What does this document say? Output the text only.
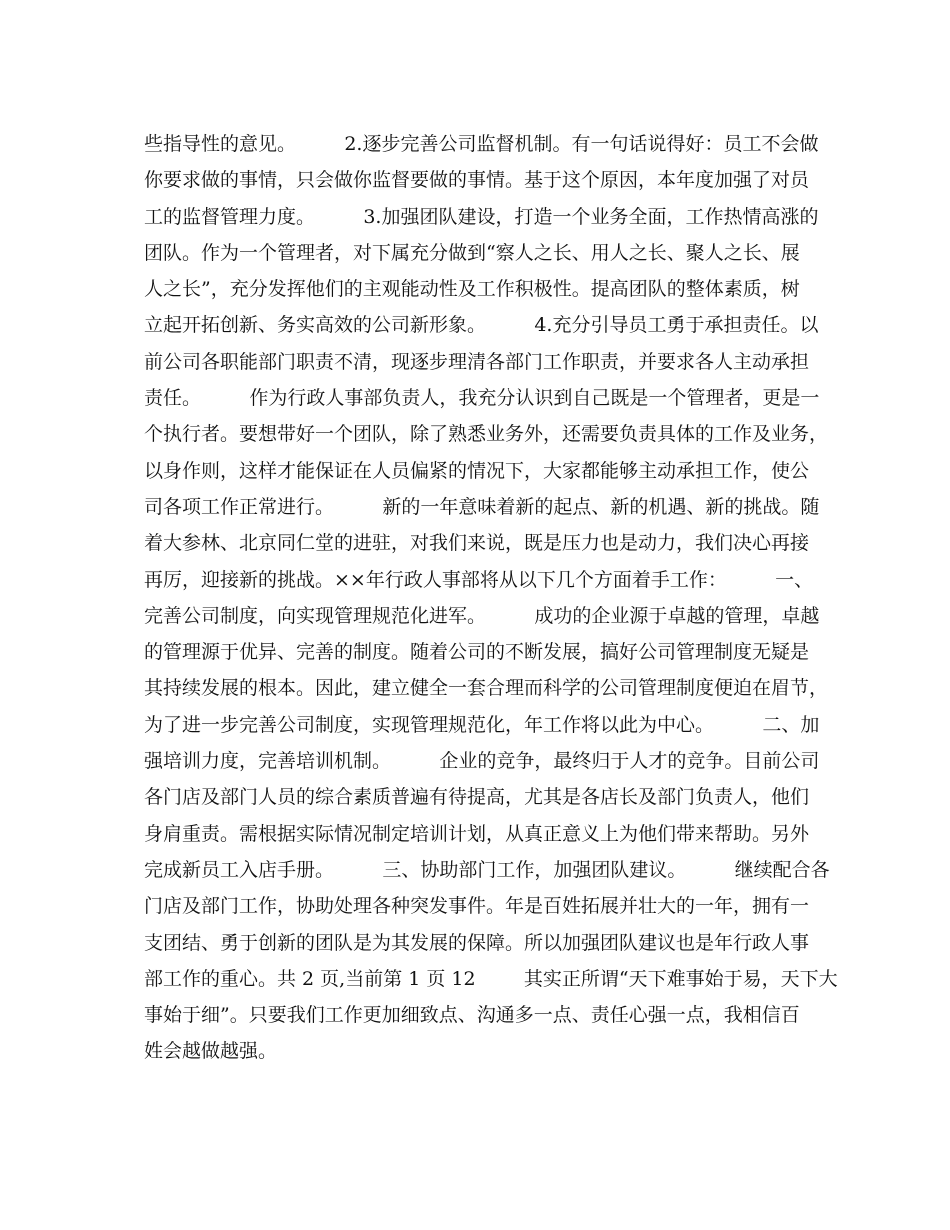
些指导性的意见。        2.逐步完善公司监督机制。有一句话说得好：员工不会做
你要求做的事情，只会做你监督要做的事情。基于这个原因，本年度加强了对员
工的监督管理力度。        3.加强团队建设，打造一个业务全面，工作热情高涨的
团队。作为一个管理者，对下属充分做到“察人之长、用人之长、聚人之长、展
人之长”，充分发挥他们的主观能动性及工作积极性。提高团队的整体素质，树
立起开拓创新、务实高效的公司新形象。        4.充分引导员工勇于承担责任。以
前公司各职能部门职责不清，现逐步理清各部门工作职责，并要求各人主动承担
责任。        作为行政人事部负责人，我充分认识到自己既是一个管理者，更是一
个执行者。要想带好一个团队，除了熟悉业务外，还需要负责具体的工作及业务，
以身作则，这样才能保证在人员偏紧的情况下，大家都能够主动承担工作，使公
司各项工作正常进行。        新的一年意味着新的起点、新的机遇、新的挑战。随
着大参林、北京同仁堂的进驻，对我们来说，既是压力也是动力，我们决心再接
再厉，迎接新的挑战。××年行政人事部将从以下几个方面着手工作：        一、
完善公司制度，向实现管理规范化进军。        成功的企业源于卓越的管理，卓越
的管理源于优异、完善的制度。随着公司的不断发展，搞好公司管理制度无疑是
其持续发展的根本。因此，建立健全一套合理而科学的公司管理制度便迫在眉节，
为了进一步完善公司制度，实现管理规范化，年工作将以此为中心。        二、加
强培训力度，完善培训机制。        企业的竞争，最终归于人才的竞争。目前公司
各门店及部门人员的综合素质普遍有待提高，尤其是各店长及部门负责人，他们
身肩重责。需根据实际情况制定培训计划，从真正意义上为他们带来帮助。另外
完成新员工入店手册。        三、协助部门工作，加强团队建议。        继续配合各
门店及部门工作，协助处理各种突发事件。年是百姓拓展并壮大的一年，拥有一
支团结、勇于创新的团队是为其发展的保障。所以加强团队建议也是年行政人事
部工作的重心。共 2 页,当前第 1 页 12        其实正所谓“天下难事始于易，天下大
事始于细”。只要我们工作更加细致点、沟通多一点、责任心强一点，我相信百
姓会越做越强。
